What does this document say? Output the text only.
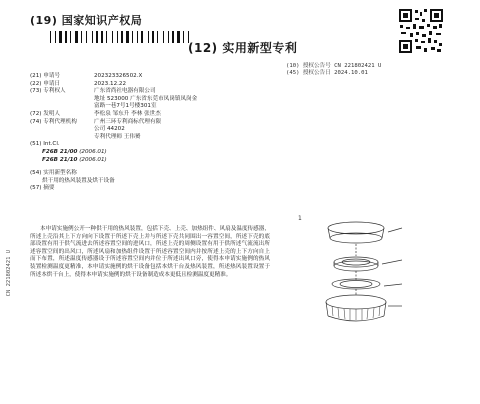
(19) 国家知识产权局
(12) 实用新型专利
(10) 授权公告号 CN 221802421 U
(45) 授权公告日 2024.10.01
(21) 申请号	202323326502.X
(22) 申请日	2023.12.22
(73) 专利权人	广东省尚社电器有限公司
地址 523000 广东省东莞市凤岗镇凤岗金
富路一巷7号1号楼301室
(72) 发明人	李松泉 邹东升 李林 张世杰
(74) 专利代理机构	广州三环专利商标代理有限
公司 44202
专利代理师 王伟赟
(51) Int.Cl.
F26B 21/00
(2006.01)
F26B 21/10
(2006.01)
(54) 实用新型名称
烘干用的热风装置及烘干设备
(57) 摘要
本申请实施例公开一种供干用的热风装置，包括下壳、上壳、加热组件、风扇及温度传感器，所述上壳沿其上下方向向下设置于所述下壳上并与所述下壳共同围出一容置空间，所述下壳的底部设置有用于供气流进去所述容置空间的进风口，所述上壳的周侧设置有用于供所述气流流出所述容置空间的出风口，所述风扇和加热组件设置于所述容置空间内并按所述上壳的上下方向自上而下布置，所述温度传感器设于所述容置空间内并位于所述出风口旁，使得本申请实施例的热风装置检测温度更精准，本申请实施例的烘干设备包括本烘干台及热风装置，所述热风装置设置于所述本烘干台上，使得本申请实施例的烘干设备制造成本更低且检测温度更精准。
CN 221802421 U
1
